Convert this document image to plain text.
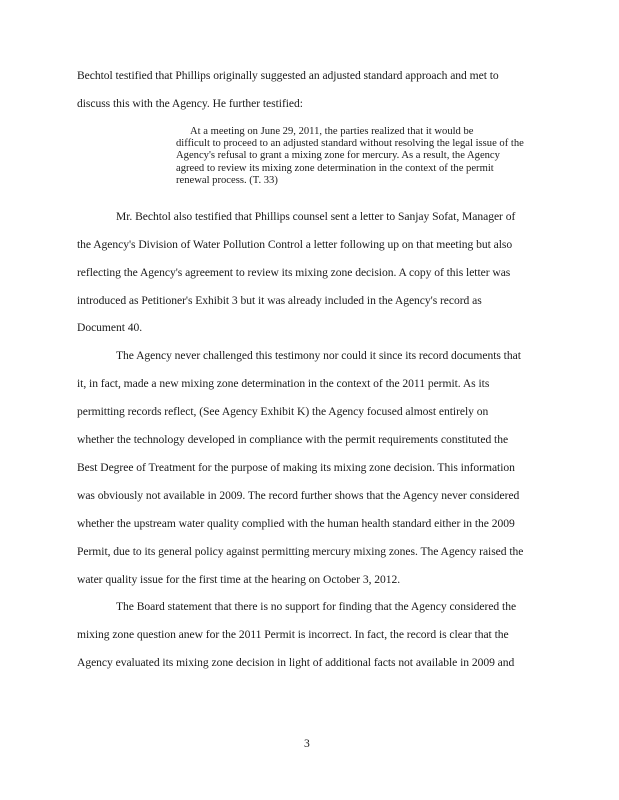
Bechtol testified that Phillips originally suggested an adjusted standard approach and met to
discuss this with the Agency. He further testified:
At a meeting on June 29, 2011, the parties realized that it would be
difficult to proceed to an adjusted standard without resolving the legal issue of the
Agency's refusal to grant a mixing zone for mercury. As a result, the Agency
agreed to review its mixing zone determination in the context of the permit
renewal process. (T. 33)
Mr. Bechtol also testified that Phillips counsel sent a letter to Sanjay Sofat, Manager of
the Agency's Division of Water Pollution Control a letter following up on that meeting but also
reflecting the Agency's agreement to review its mixing zone decision. A copy of this letter was
introduced as Petitioner's Exhibit 3 but it was already included in the Agency's record as
Document 40.
The Agency never challenged this testimony nor could it since its record documents that
it, in fact, made a new mixing zone determination in the context of the 2011 permit. As its
permitting records reflect, (See Agency Exhibit K) the Agency focused almost entirely on
whether the technology developed in compliance with the permit requirements constituted the
Best Degree of Treatment for the purpose of making its mixing zone decision. This information
was obviously not available in 2009. The record further shows that the Agency never considered
whether the upstream water quality complied with the human health standard either in the 2009
Permit, due to its general policy against permitting mercury mixing zones. The Agency raised the
water quality issue for the first time at the hearing on October 3, 2012.
The Board statement that there is no support for finding that the Agency considered the
mixing zone question anew for the 2011 Permit is incorrect. In fact, the record is clear that the
Agency evaluated its mixing zone decision in light of additional facts not available in 2009 and
3
